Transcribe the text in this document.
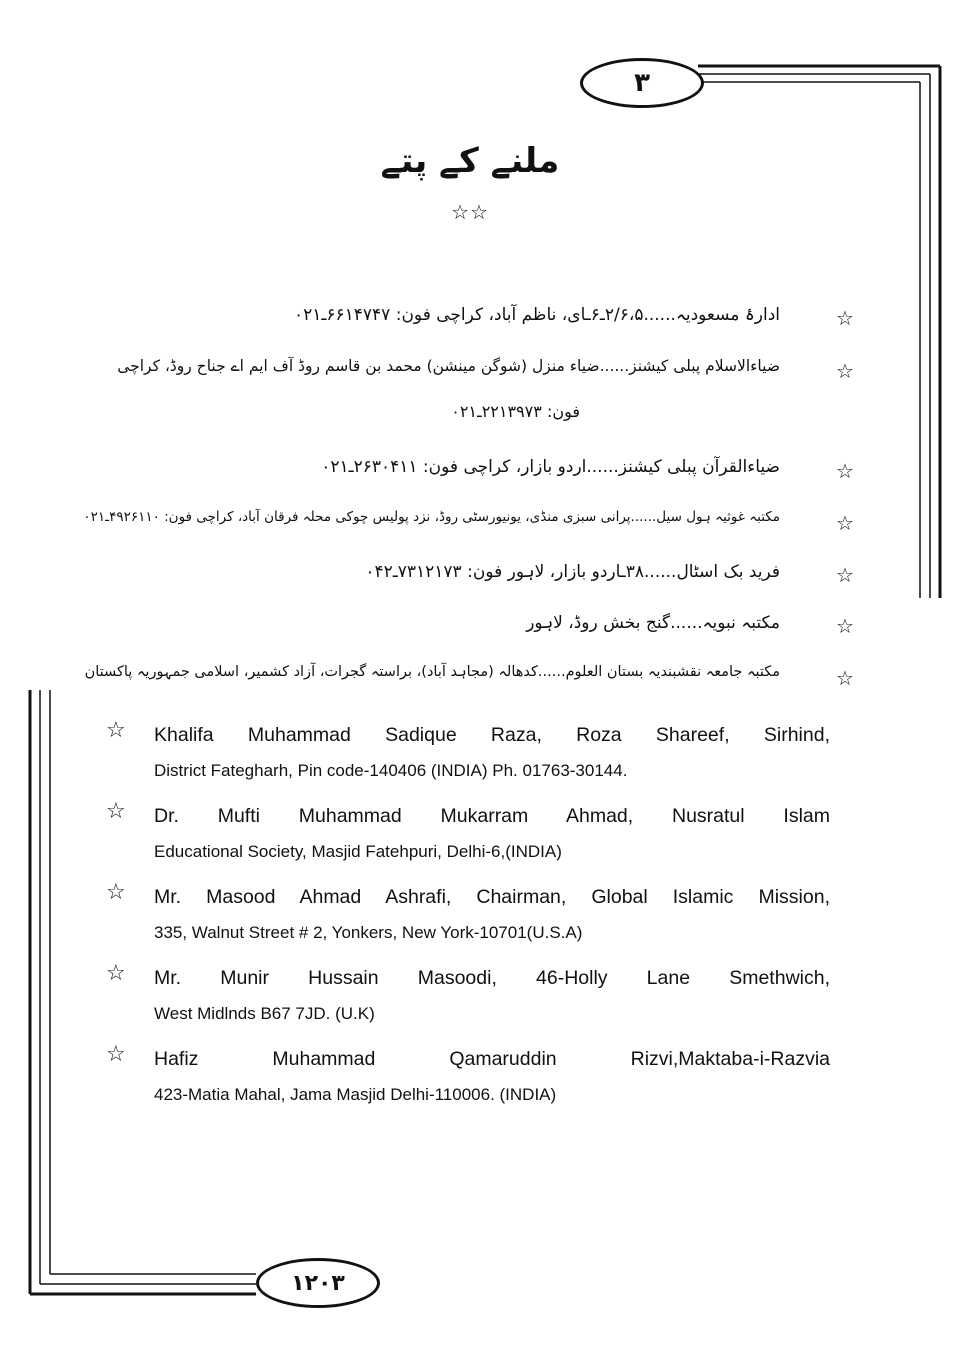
۳
ملنے کے پتے
☆☆
☆
ادارۂ مسعودیہ......۲/۶،۵ـ۶ـای، ناظم آباد، کراچی فون: ۶۶۱۴۷۴۷ـ۰۲۱
☆
ضیاءالاسلام پبلی کیشنز......ضیاء منزل (شوگن مینشن) محمد بن قاسم روڈ آف ایم اے جناح روڈ، کراچی
فون: ۲۲۱۳۹۷۳ـ۰۲۱
☆
ضیاءالقرآن پبلی کیشنز......اردو بازار، کراچی فون: ۲۶۳۰۴۱۱ـ۰۲۱
☆
مکتبہ غوثیہ ہول سیل......پرانی سبزی منڈی، یونیورسٹی روڈ، نزد پولیس چوکی محلہ فرقان آباد، کراچی فون: ۴۹۲۶۱۱۰ـ۰۲۱
☆
فرید بک اسٹال......۳۸ـاردو بازار، لاہور فون: ۷۳۱۲۱۷۳ـ۰۴۲
☆
مکتبہ نبویہ......گنج بخش روڈ، لاہور
☆
مکتبہ جامعہ نقشبندیہ بستان العلوم......کدھالہ (مجاہد آباد)، براستہ گجرات، آزاد کشمیر، اسلامی جمہوریہ پاکستان
☆ Khalifa Muhammad Sadique Raza, Roza Shareef, Sirhind,
District Fategharh, Pin code-140406 (INDIA) Ph. 01763-30144.
☆ Dr. Mufti Muhammad Mukarram Ahmad, Nusratul Islam
Educational Society, Masjid Fatehpuri, Delhi-6,(INDIA)
☆ Mr. Masood Ahmad Ashrafi, Chairman, Global Islamic Mission,
335, Walnut Street # 2, Yonkers, New York-10701(U.S.A)
☆ Mr. Munir Hussain Masoodi, 46-Holly Lane Smethwich,
West Midlnds B67 7JD. (U.K)
☆ Hafiz Muhammad Qamaruddin Rizvi,Maktaba-i-Razvia
423-Matia Mahal, Jama Masjid Delhi-110006. (INDIA)
۱۲۰۳
